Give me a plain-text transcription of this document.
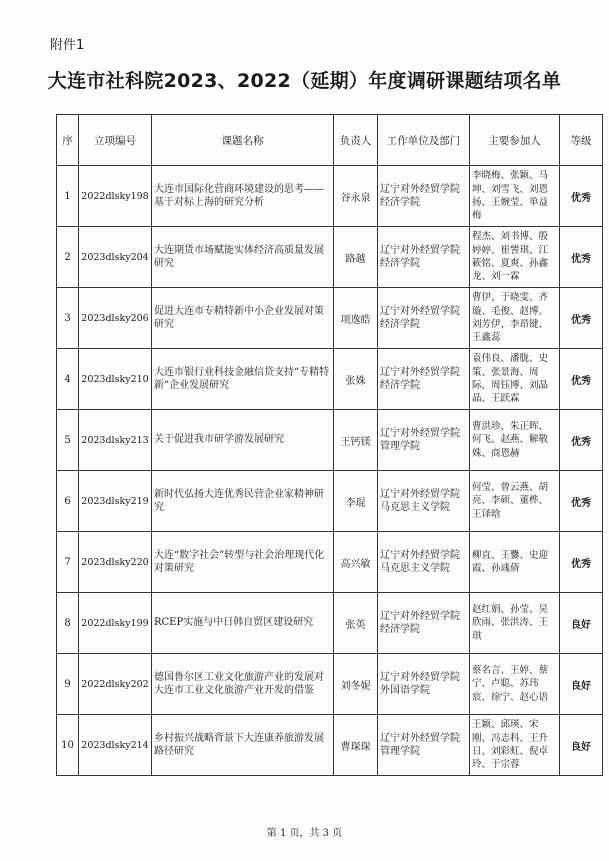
附件1
大连市社科院2023、2022（延期）年度调研课题结项名单
序	立项编号	课题名称	负责人	工作单位及部门	主要参加人	等级
1	2022dlsky198	大连市国际化营商环境建设的思考——基于对标上海的研究分析	谷永泉	辽宁对外经贸学院经济学院	李晓梅、张颖、马坤、刘雪飞、刘恩扬、王婉莹、单益梅	优秀
2	2023dlsky204	大连期货市场赋能实体经济高质量发展研究	路越	辽宁对外经贸学院经济学院	程杰、刘书博、殷婷婷、崔訾琪、江簌铭、夏爽、孙鑫龙、刘一霖	优秀
3	2023dlsky206	促进大连市专精特新中小企业发展对策研究	项逸皓	辽宁对外经贸学院经济学院	曹伊、于晓雯、齐璇、毛俊、赵博、刘芳伊、李昂键、王鑫蕊	优秀
4	2023dlsky210	大连市银行业科技金融信贷支持“专精特新”企业发展研究	张姝	辽宁对外经贸学院经济学院	袁伟良、潘胧、史策、张景海、周际、周钰博、刘晶晶、王跃霖	优秀
5	2023dlsky213	关于促进我市研学游发展研究	王钙镁	辽宁对外经贸学院管理学院	曹洪珍、朱正晖、何飞、赵燕、解敬姝、商恩赫	优秀
6	2023dlsky219	新时代弘扬大连优秀民营企业家精神研究	李琨	辽宁对外经贸学院马克思主义学院	何莹、曾云燕、胡亮、李硕、董桦、王译晗	优秀
7	2023dlsky220	大连“数字社会”转型与社会治理现代化对策研究	高兴敏	辽宁对外经贸学院马克思主义学院	柳直、王爨、史迎霞、孙彧倩	优秀
8	2022dlsky199	RCEP实施与中日韩自贸区建设研究	张英	辽宁对外经贸学院经济学院	赵红娟、孙莹、吴欣雨、张洪涛、王琪	良好
9	2022dlsky202	德国鲁尔区工业文化旅游产业的发展对大连市工业文化旅游产业开发的借鉴	刘冬妮	辽宁对外经贸学院外国语学院	蔡名言、王婷、蔡宁、卢聪、苏玮宸、徐宁、赵心语	良好
10	2023dlsky214	乡村振兴战略背景下大连康养旅游发展路径研究	曹琛琛	辽宁对外经贸学院管理学院	王颖、邱瑛、宋刚、冯志科、王升日、刘彩虹、倪卓玲、于宗蓉	良好
第 1 页，共 3 页
